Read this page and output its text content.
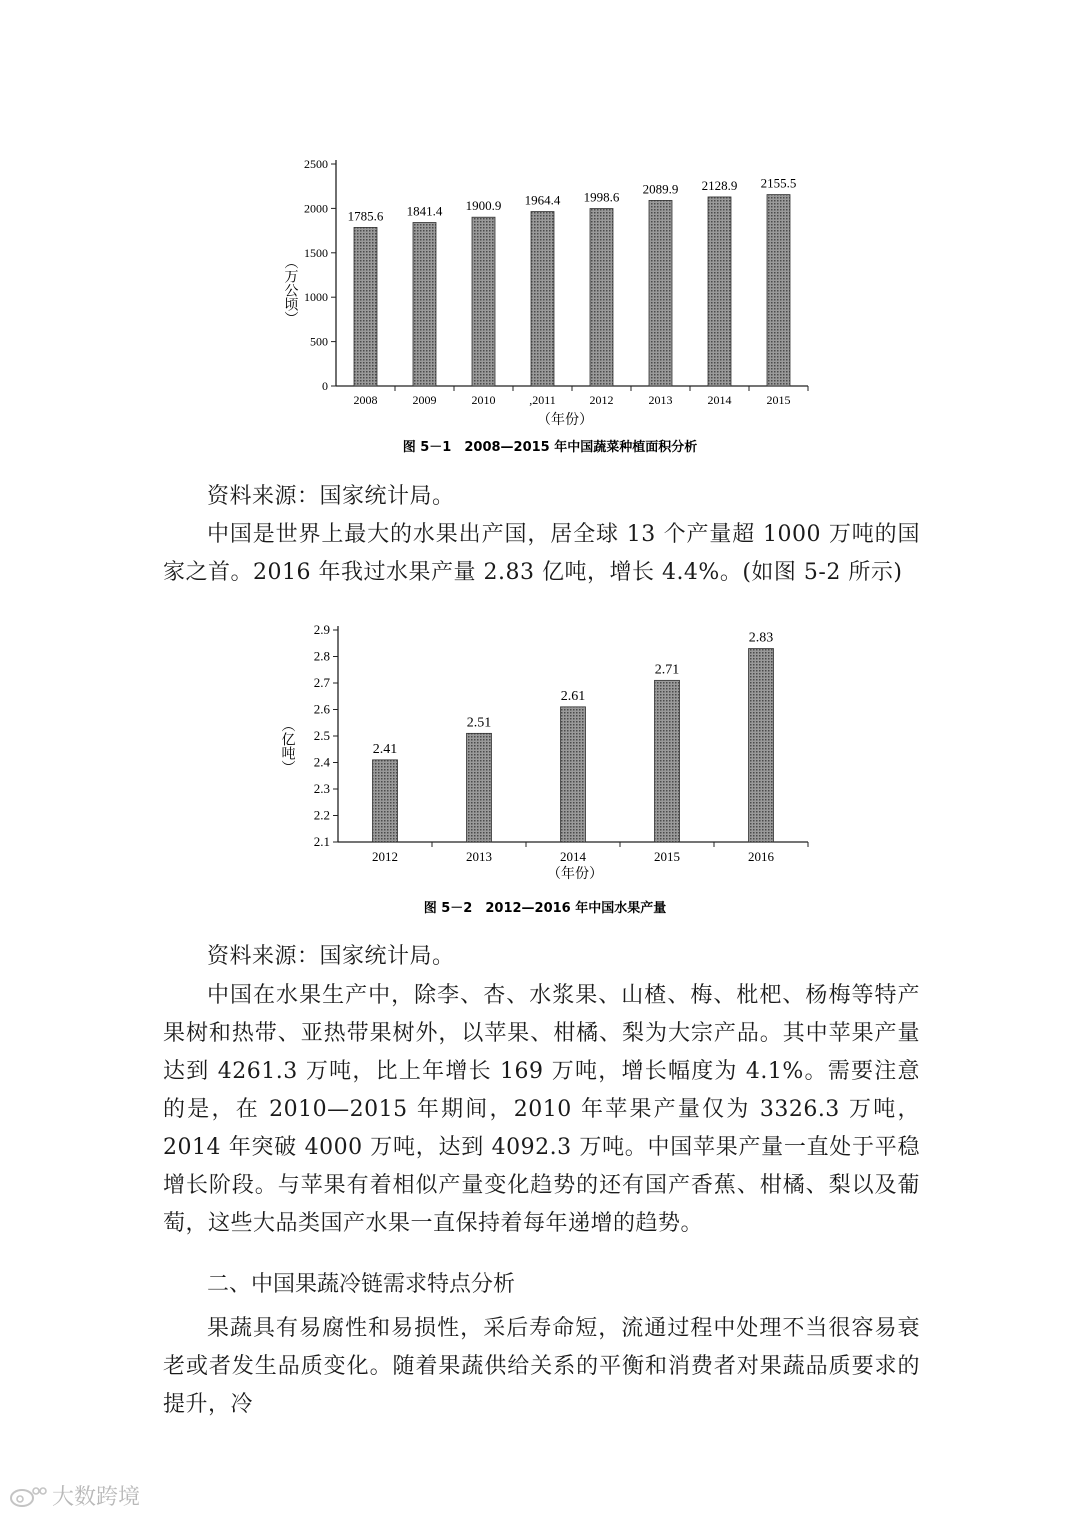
（万公顷）
0
500
1000
1500
2000
2500
1785.6
2008
1841.4
2009
1900.9
2010
1964.4
,2011
1998.6
2012
2089.9
2013
2128.9
2014
2155.5
2015
（年份）
图 5－1　2008—2015 年中国蔬菜种植面积分析
（亿吨）
2.1
2.2
2.3
2.4
2.5
2.6
2.7
2.8
2.9
2.41
2012
2.51
2013
2.61
2014
2.71
2015
2.83
2016
（年份）
图 5－2　2012—2016 年中国水果产量

资料来源：国家统计局。

中国是世界上最大的水果出产国，居全球 13 个产量超 1000 万吨的国家之首。2016 年我过水果产量 2.83 亿吨，增长 4.4%。(如图 5-2 所示)

资料来源：国家统计局。

中国在水果生产中，除李、杏、水浆果、山楂、梅、枇杷、杨梅等特产果树和热带、亚热带果树外，以苹果、柑橘、梨为大宗产品。其中苹果产量达到 4261.3 万吨，比上年增长 169 万吨，增长幅度为 4.1%。需要注意的是，在 2010—2015 年期间，2010 年苹果产量仅为 3326.3 万吨，2014 年突破 4000 万吨，达到 4092.3 万吨。中国苹果产量一直处于平稳增长阶段。与苹果有着相似产量变化趋势的还有国产香蕉、柑橘、梨以及葡萄，这些大品类国产水果一直保持着每年递增的趋势。

二、中国果蔬冷链需求特点分析

果蔬具有易腐性和易损性，采后寿命短，流通过程中处理不当很容易衰老或者发生品质变化。随着果蔬供给关系的平衡和消费者对果蔬品质要求的提升，冷

大数跨境
